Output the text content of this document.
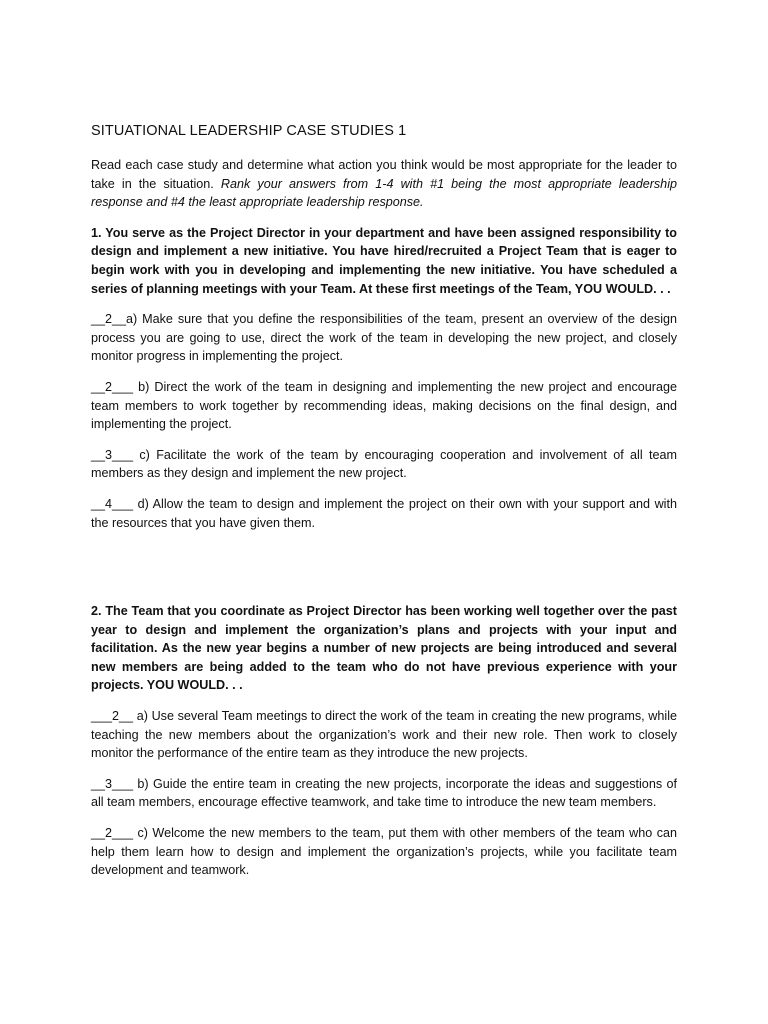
SITUATIONAL LEADERSHIP CASE STUDIES 1

Read each case study and determine what action you think would be most appropriate for the leader to take in the situation. Rank your answers from 1-4 with #1 being the most appropriate leadership response and #4 the least appropriate leadership response.

1. You serve as the Project Director in your department and have been assigned responsibility to design and implement a new initiative. You have hired/recruited a Project Team that is eager to begin work with you in developing and implementing the new initiative. You have scheduled a series of planning meetings with your Team. At these first meetings of the Team, YOU WOULD. . .

__2__a) Make sure that you define the responsibilities of the team, present an overview of the design process you are going to use, direct the work of the team in developing the new project, and closely monitor progress in implementing the project.

__2___ b) Direct the work of the team in designing and implementing the new project and encourage team members to work together by recommending ideas, making decisions on the final design, and implementing the project.

__3___ c) Facilitate the work of the team by encouraging cooperation and involvement of all team members as they design and implement the new project.

__4___ d) Allow the team to design and implement the project on their own with your support and with the resources that you have given them.

2. The Team that you coordinate as Project Director has been working well together over the past year to design and implement the organization’s plans and projects with your input and facilitation. As the new year begins a number of new projects are being introduced and several new members are being added to the team who do not have previous experience with your projects. YOU WOULD. . .

___2__ a) Use several Team meetings to direct the work of the team in creating the new programs, while teaching the new members about the organization’s work and their new role. Then work to closely monitor the performance of the entire team as they introduce the new projects.

__3___ b) Guide the entire team in creating the new projects, incorporate the ideas and suggestions of all team members, encourage effective teamwork, and take time to introduce the new team members.

__2___ c) Welcome the new members to the team, put them with other members of the team who can help them learn how to design and implement the organization’s projects, while you facilitate team development and teamwork.
